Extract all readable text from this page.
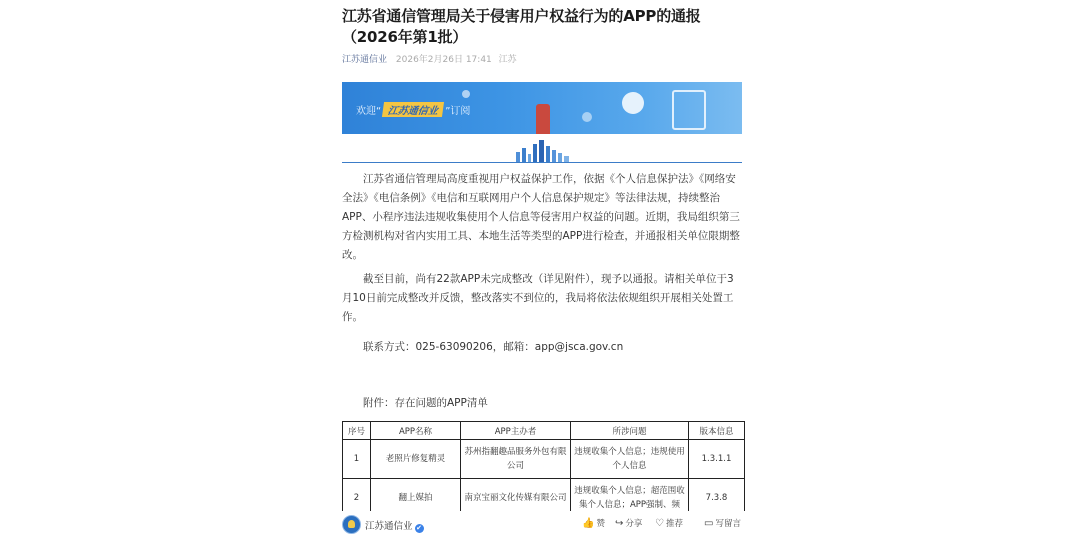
江苏省通信管理局关于侵害用户权益行为的APP的通报（2026年第1批）
江苏通信业 2026年2月26日 17:41 江苏
欢迎“ 江苏通信业 ”订阅

江苏省通信管理局高度重视用户权益保护工作，依据《个人信息保护法》《网络安全法》《电信条例》《电信和互联网用户个人信息保护规定》等法律法规，持续整治APP、小程序违法违规收集使用个人信息等侵害用户权益的问题。近期，我局组织第三方检测机构对省内实用工具、本地生活等类型的APP进行检查，并通报相关单位限期整改。

截至目前，尚有22款APP未完成整改（详见附件），现予以通报。请相关单位于3月10日前完成整改并反馈，整改落实不到位的，我局将依法依规组织开展相关处置工作。

联系方式：025-63090206，邮箱：app@jsca.gov.cn

附件：存在问题的APP清单

序号	APP名称	APP主办者	所涉问题	版本信息
1	老照片修复精灵	苏州指翻趣品服务外包有限公司	违规收集个人信息；违规使用个人信息	1.3.1.1
2	翻上媒拍	南京宝丽文化传媒有限公司	违规收集个人信息；超范围收集个人信息；APP强制、频	7.3.8
江苏通信业 ✔	👍 赞 ↪ 分享 ♡ 推荐 ▭ 写留言
